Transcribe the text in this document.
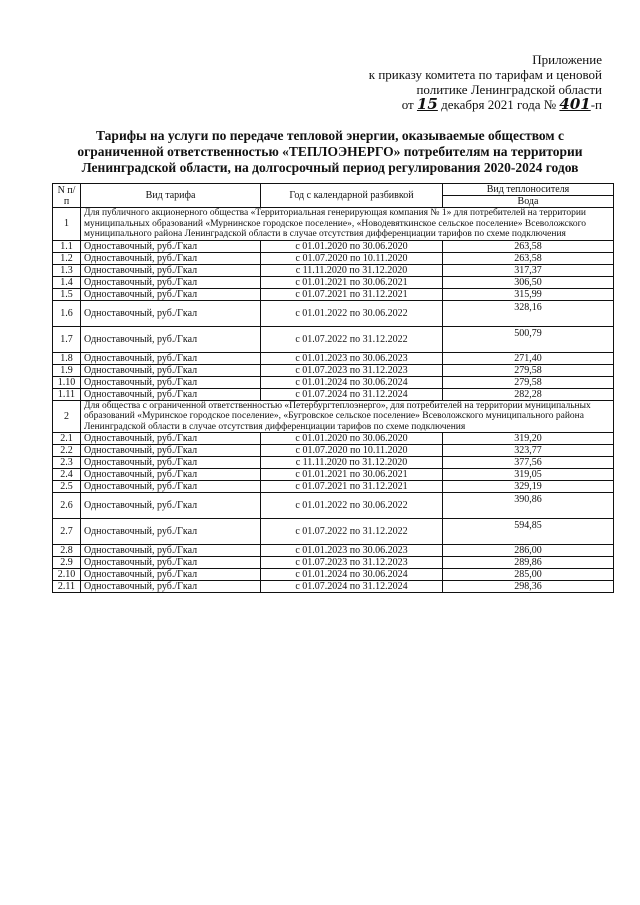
Приложение
к приказу комитета по тарифам и ценовой
политике Ленинградской области
от 15 декабря 2021 года № 401-п
Тарифы на услуги по передаче тепловой энергии, оказываемые обществом с ограниченной ответственностью «ТЕПЛОЭНЕРГО» потребителям на территории Ленинградской области, на долгосрочный период регулирования 2020-2024 годов
N п/п	Вид тарифа	Год с календарной разбивкой	Вид теплоносителя
			Вода
1	Для публичного акционерного общества «Территориальная генерирующая компания № 1» для потребителей на территории муниципальных образований «Мурнинское городское поселение», «Новодевяткинское сельское поселение» Всеволожского муниципального района Ленинградской области в случае отсутствия дифференциации тарифов по схеме подключения		
1.1	Одноставочный, руб./Гкал	с 01.01.2020 по 30.06.2020	263,58
1.2	Одноставочный, руб./Гкал	с 01.07.2020 по 10.11.2020	263,58
1.3	Одноставочный, руб./Гкал	с 11.11.2020 по 31.12.2020	317,37
1.4	Одноставочный, руб./Гкал	с 01.01.2021 по 30.06.2021	306,50
1.5	Одноставочный, руб./Гкал	с 01.07.2021 по 31.12.2021	315,99
1.6	Одноставочный, руб./Гкал	с 01.01.2022 по 30.06.2022	328,16
1.7	Одноставочный, руб./Гкал	с 01.07.2022 по 31.12.2022	500,79
1.8	Одноставочный, руб./Гкал	с 01.01.2023 по 30.06.2023	271,40
1.9	Одноставочный, руб./Гкал	с 01.07.2023 по 31.12.2023	279,58
1.10	Одноставочный, руб./Гкал	с 01.01.2024 по 30.06.2024	279,58
1.11	Одноставочный, руб./Гкал	с 01.07.2024 по 31.12.2024	282,28
2	Для общества с ограниченной ответственностью «Петербургтеплоэнерго», для потребителей на территории муниципальных образований «Муринское городское поселение», «Бугровское сельское поселение» Всеволожского муниципального района Ленинградской области в случае отсутствия дифференциации тарифов по схеме подключения		
2.1	Одноставочный, руб./Гкал	с 01.01.2020 по 30.06.2020	319,20
2.2	Одноставочный, руб./Гкал	с 01.07.2020 по 10.11.2020	323,77
2.3	Одноставочный, руб./Гкал	с 11.11.2020 по 31.12.2020	377,56
2.4	Одноставочный, руб./Гкал	с 01.01.2021 по 30.06.2021	319,05
2.5	Одноставочный, руб./Гкал	с 01.07.2021 по 31.12.2021	329,19
2.6	Одноставочный, руб./Гкал	с 01.01.2022 по 30.06.2022	390,86
2.7	Одноставочный, руб./Гкал	с 01.07.2022 по 31.12.2022	594,85
2.8	Одноставочный, руб./Гкал	с 01.01.2023 по 30.06.2023	286,00
2.9	Одноставочный, руб./Гкал	с 01.07.2023 по 31.12.2023	289,86
2.10	Одноставочный, руб./Гкал	с 01.01.2024 по 30.06.2024	285,00
2.11	Одноставочный, руб./Гкал	с 01.07.2024 по 31.12.2024	298,36
